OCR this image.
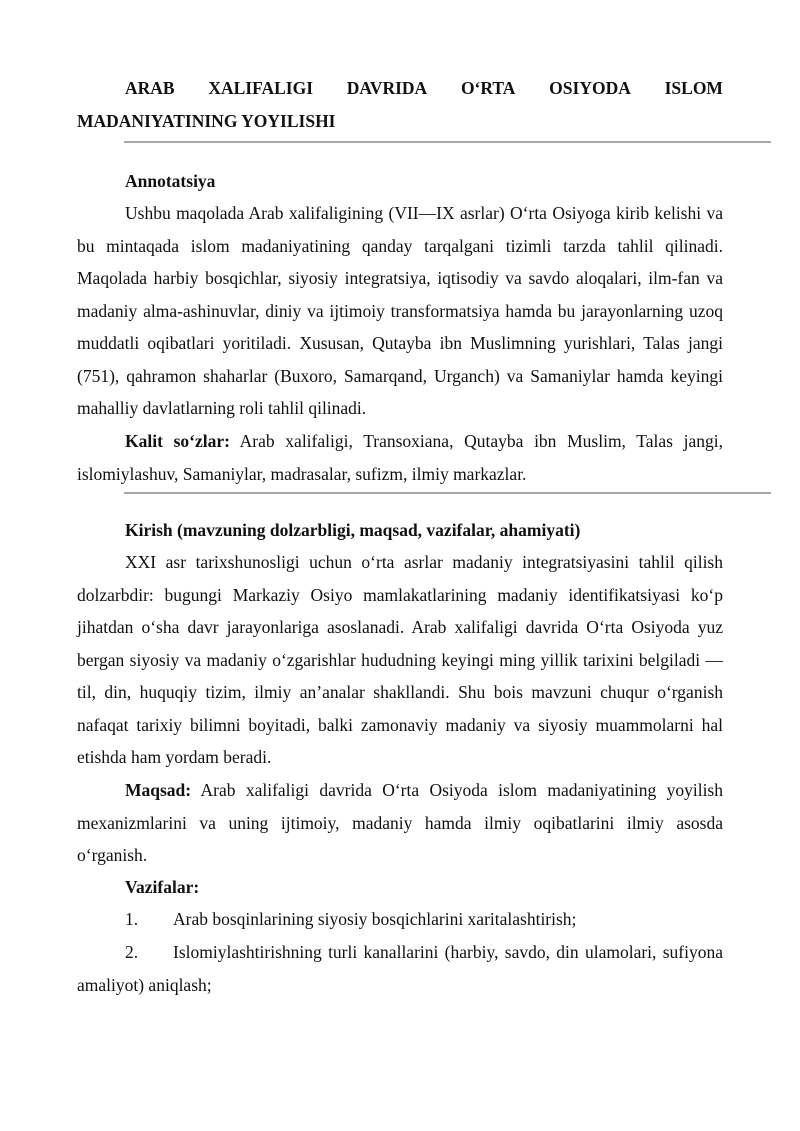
ARAB XALIFALIGI DAVRIDA O‘RTA OSIYODA ISLOM
MADANIYATINING YOYILISHI
Annotatsiya
Ushbu maqolada Arab xalifaligining (VII—IX asrlar) O‘rta Osiyoga kirib kelishi va bu mintaqada islom madaniyatining qanday tarqalgani tizimli tarzda tahlil qilinadi. Maqolada harbiy bosqichlar, siyosiy integratsiya, iqtisodiy va savdo aloqalari, ilm-fan va madaniy alma-ashinuvlar, diniy va ijtimoiy transformatsiya hamda bu jarayonlarning uzoq muddatli oqibatlari yoritiladi. Xususan, Qutayba ibn Muslimning yurishlari, Talas jangi (751), qahramon shaharlar (Buxoro, Samarqand, Urganch) va Samaniylar hamda keyingi mahalliy davlatlarning roli tahlil qilinadi.
Kalit so‘zlar: Arab xalifaligi, Transoxiana, Qutayba ibn Muslim, Talas jangi, islomiylashuv, Samaniylar, madrasalar, sufizm, ilmiy markazlar.
Kirish (mavzuning dolzarbligi, maqsad, vazifalar, ahamiyati)
XXI asr tarixshunosligi uchun o‘rta asrlar madaniy integratsiyasini tahlil qilish dolzarbdir: bugungi Markaziy Osiyo mamlakatlarining madaniy identifikatsiyasi ko‘p jihatdan o‘sha davr jarayonlariga asoslanadi. Arab xalifaligi davrida O‘rta Osiyoda yuz bergan siyosiy va madaniy o‘zgarishlar hududning keyingi ming yillik tarixini belgiladi — til, din, huquqiy tizim, ilmiy an’analar shakllandi. Shu bois mavzuni chuqur o‘rganish nafaqat tarixiy bilimni boyitadi, balki zamonaviy madaniy va siyosiy muammolarni hal etishda ham yordam beradi.
Maqsad: Arab xalifaligi davrida O‘rta Osiyoda islom madaniyatining yoyilish mexanizmlarini va uning ijtimoiy, madaniy hamda ilmiy oqibatlarini ilmiy asosda o‘rganish.
Vazifalar:
1. Arab bosqinlarining siyosiy bosqichlarini xaritalashtirish;
2. Islomiylashtirishning turli kanallarini (harbiy, savdo, din ulamolari, sufiyona amaliyot) aniqlash;
